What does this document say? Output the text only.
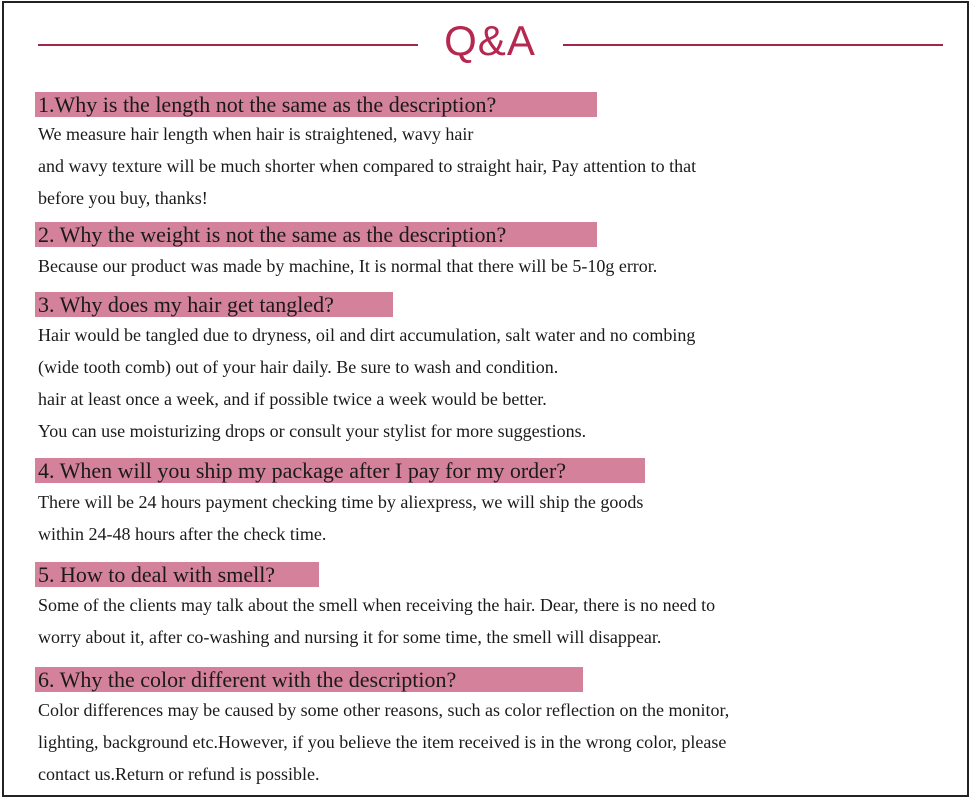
Q&A
1.Why is the length not the same as the description?
We measure hair length when hair is straightened, wavy hair
and wavy texture will be much shorter when compared to straight hair, Pay attention to that
before you buy, thanks!
2. Why the weight is not the same as the description?
Because our product was made by machine, It is normal that there will be 5-10g error.
3. Why does my hair get tangled?
Hair would be tangled due to dryness, oil and dirt accumulation, salt water and no combing
(wide tooth comb) out of your hair daily. Be sure to wash and condition.
hair at least once a week, and if possible twice a week would be better.
You can use moisturizing drops or consult your stylist for more suggestions.
4. When will you ship my package after I pay for my order?
There will be 24 hours payment checking time by aliexpress, we will ship the goods
within 24-48 hours after the check time.
5. How to deal with smell?
Some of the clients may talk about the smell when receiving the hair. Dear, there is no need to
worry about it, after co-washing and nursing it for some time, the smell will disappear.
6. Why the color different with the description?
Color differences may be caused by some other reasons, such as color reflection on the monitor,
lighting, background etc.However, if you believe the item received is in the wrong color, please
contact us.Return or refund is possible.
